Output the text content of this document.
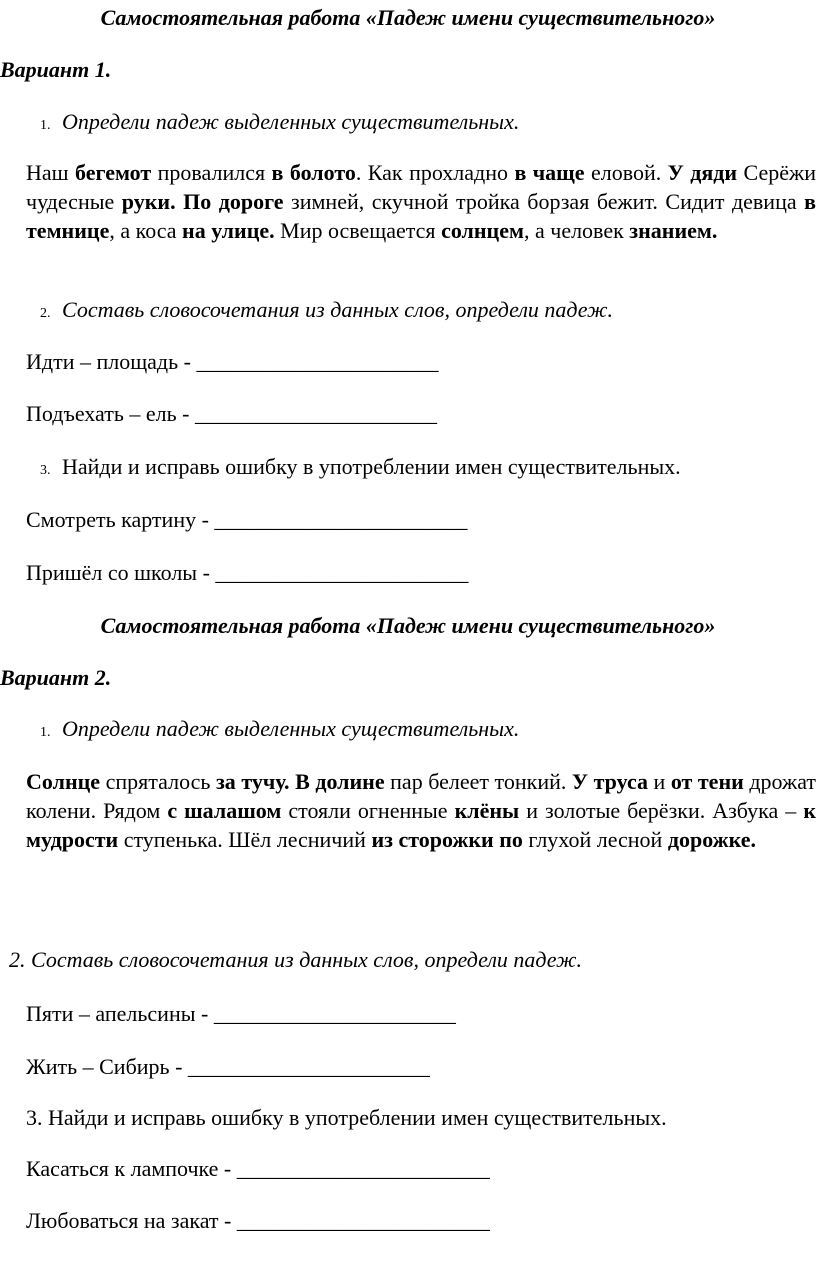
Самостоятельная работа «Падеж имени существительного»
Вариант 1.
1. Определи падеж выделенных существительных.
Наш бегемот провалился в болото. Как прохладно в чаще еловой. У дяди Серёжи чудесные руки. По дороге зимней, скучной тройка борзая бежит. Сидит девица в темнице, а коса на улице. Мир освещается солнцем, а человек знанием.
2. Составь словосочетания из данных слов, определи падеж.
Идти – площадь - ______________________
Подъехать – ель - ______________________
3. Найди и исправь ошибку в употреблении имен существительных.
Смотреть картину - _______________________
Пришёл со школы - _______________________
Самостоятельная работа «Падеж имени существительного»
Вариант 2.
1. Определи падеж выделенных существительных.
Солнце спряталось за тучу. В долине пар белеет тонкий. У труса и от тени дрожат колени. Рядом с шалашом стояли огненные клёны и золотые берёзки. Азбука – к мудрости ступенька. Шёл лесничий из сторожки по глухой лесной дорожке.
2. Составь словосочетания из данных слов, определи падеж.
Пяти – апельсины - ______________________
Жить – Сибирь - ______________________
3. Найди и исправь ошибку в употреблении имен существительных.
Касаться к лампочке - _______________________
Любоваться на закат - _______________________
